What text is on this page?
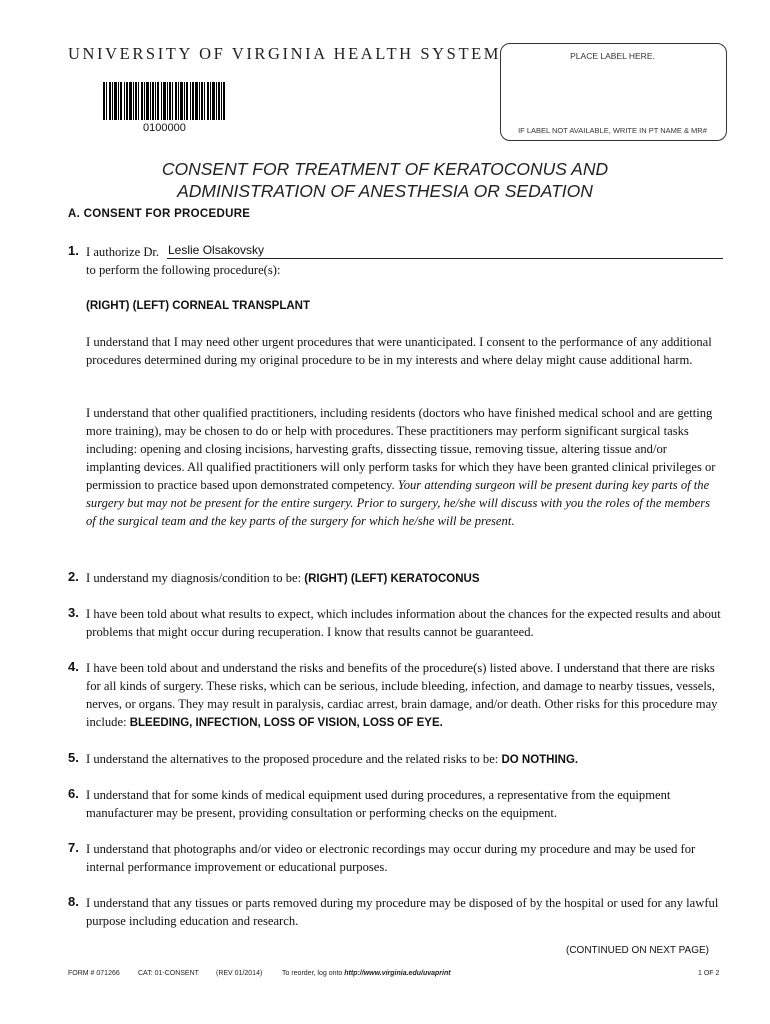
UNIVERSITY OF VIRGINIA HEALTH SYSTEM
0100000
PLACE LABEL HERE.
IF LABEL NOT AVAILABLE, WRITE IN PT NAME & MR#
CONSENT FOR TREATMENT OF KERATOCONUS AND
ADMINISTRATION OF ANESTHESIA OR SEDATION
A. CONSENT FOR PROCEDURE
1. I authorize Dr. Leslie Olsakovsky
to perform the following procedure(s):
(RIGHT) (LEFT) CORNEAL TRANSPLANT
I understand that I may need other urgent procedures that were unanticipated. I consent to the performance of any additional procedures determined during my original procedure to be in my interests and where delay might cause additional harm.
I understand that other qualified practitioners, including residents (doctors who have finished medical school and are getting more training), may be chosen to do or help with procedures. These practitioners may perform significant surgical tasks including: opening and closing incisions, harvesting grafts, dissecting tissue, removing tissue, altering tissue and/or implanting devices. All qualified practitioners will only perform tasks for which they have been granted clinical privileges or permission to practice based upon demonstrated competency. Your attending surgeon will be present during key parts of the surgery but may not be present for the entire surgery. Prior to surgery, he/she will discuss with you the roles of the members of the surgical team and the key parts of the surgery for which he/she will be present.
2. I understand my diagnosis/condition to be: (RIGHT) (LEFT) KERATOCONUS
3. I have been told about what results to expect, which includes information about the chances for the expected results and about problems that might occur during recuperation. I know that results cannot be guaranteed.
4. I have been told about and understand the risks and benefits of the procedure(s) listed above. I understand that there are risks for all kinds of surgery. These risks, which can be serious, include bleeding, infection, and damage to nearby tissues, vessels, nerves, or organs. They may result in paralysis, cardiac arrest, brain damage, and/or death. Other risks for this procedure may include: BLEEDING, INFECTION, LOSS OF VISION, LOSS OF EYE.
5. I understand the alternatives to the proposed procedure and the related risks to be: DO NOTHING.
6. I understand that for some kinds of medical equipment used during procedures, a representative from the equipment manufacturer may be present, providing consultation or performing checks on the equipment.
7. I understand that photographs and/or video or electronic recordings may occur during my procedure and may be used for internal performance improvement or educational purposes.
8. I understand that any tissues or parts removed during my procedure may be disposed of by the hospital or used for any lawful purpose including education and research.
(CONTINUED ON NEXT PAGE)
FORM # 071266	CAT: 01-CONSENT (REV 01/2014)	To reorder, log onto http://www.virginia.edu/uvaprint	1 OF 2
